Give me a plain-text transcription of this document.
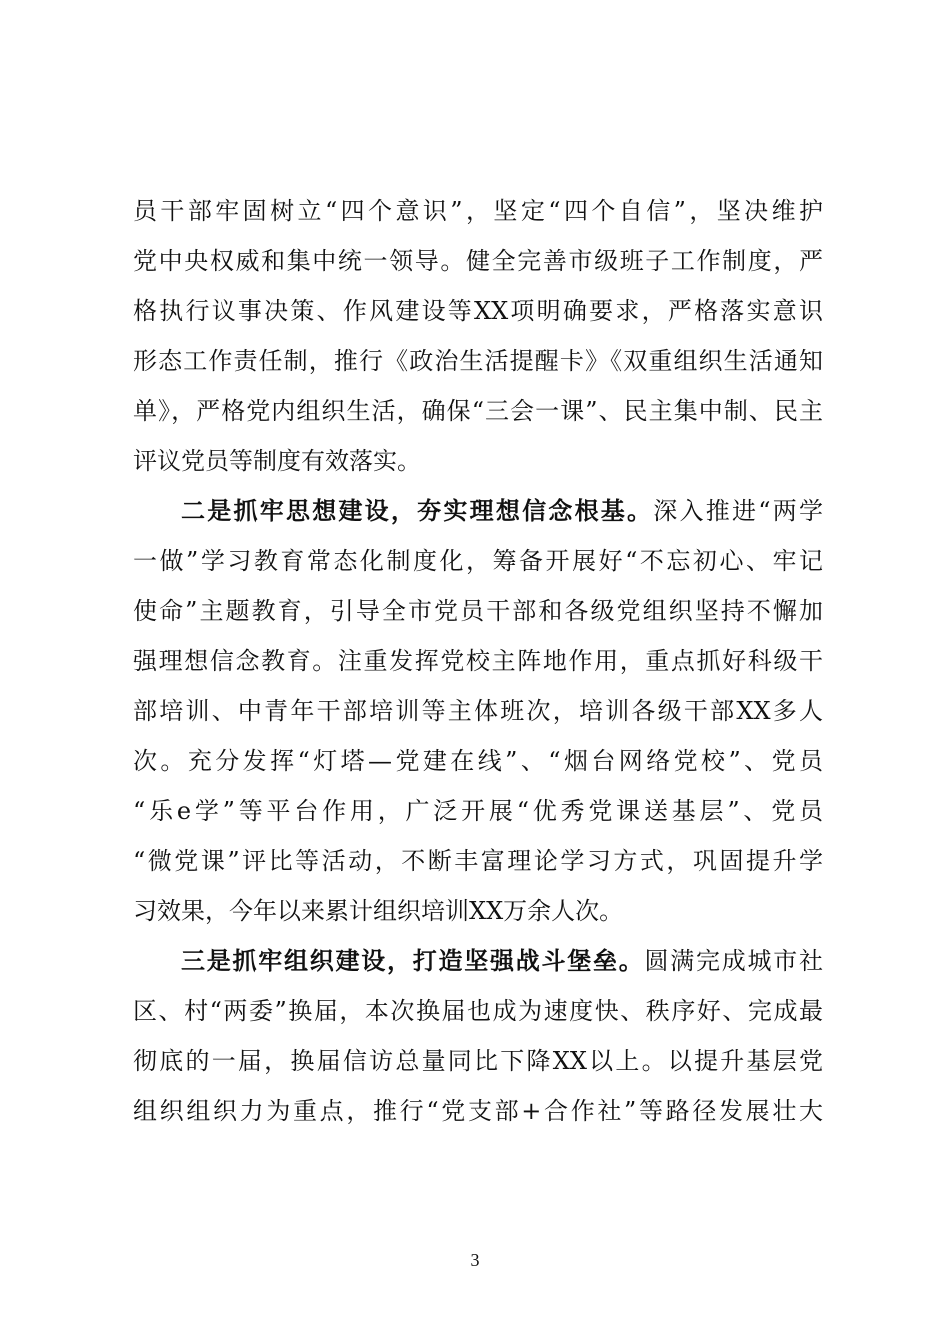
员干部牢固树立“四个意识”，坚定“四个自信”，坚决维护
党中央权威和集中统一领导。健全完善市级班子工作制度，严
格执行议事决策、作风建设等XX项明确要求，严格落实意识
形态工作责任制，推行《政治生活提醒卡》《双重组织生活通知
单》，严格党内组织生活，确保“三会一课”、民主集中制、民主
评议党员等制度有效落实。
二是抓牢思想建设，夯实理想信念根基。深入推进“两学
一做”学习教育常态化制度化，筹备开展好“不忘初心、牢记
使命”主题教育，引导全市党员干部和各级党组织坚持不懈加
强理想信念教育。注重发挥党校主阵地作用，重点抓好科级干
部培训、中青年干部培训等主体班次，培训各级干部XX多人
次。充分发挥“灯塔—党建在线”、“烟台网络党校”、党员
“乐e学”等平台作用，广泛开展“优秀党课送基层”、党员
“微党课”评比等活动，不断丰富理论学习方式，巩固提升学
习效果，今年以来累计组织培训XX万余人次。
三是抓牢组织建设，打造坚强战斗堡垒。圆满完成城市社
区、村“两委”换届，本次换届也成为速度快、秩序好、完成最
彻底的一届，换届信访总量同比下降XX以上。以提升基层党
组织组织力为重点，推行“党支部+合作社”等路径发展壮大
3
